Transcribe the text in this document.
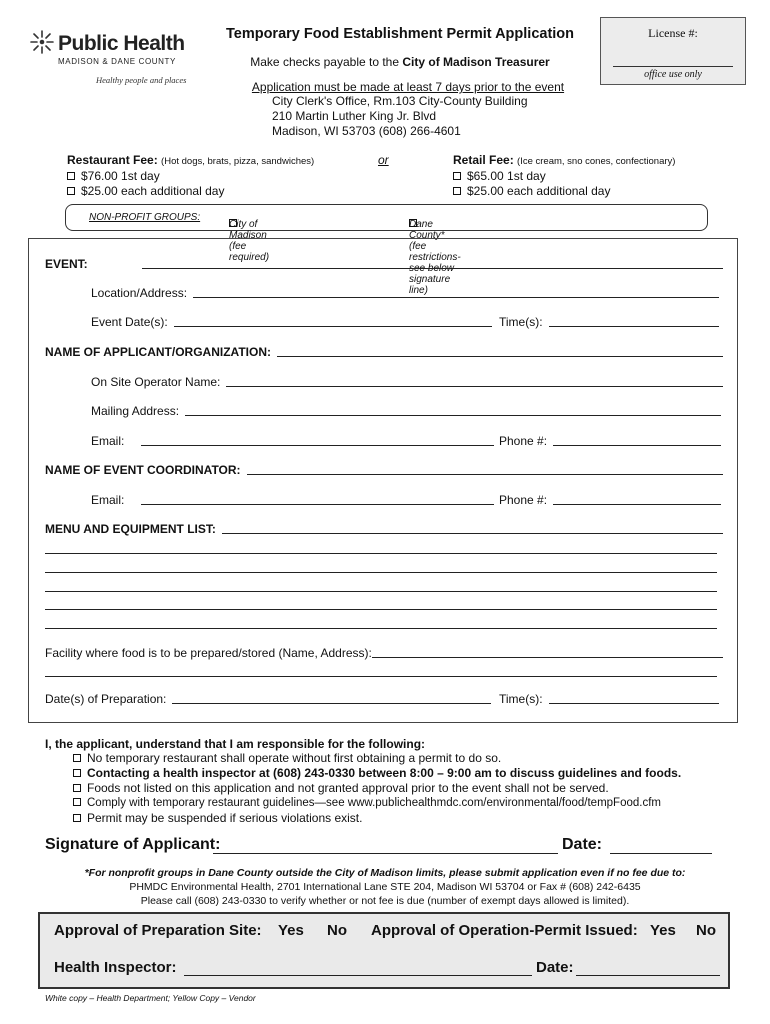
Public Health
MADISON & DANE COUNTY
Healthy people and places
Temporary Food Establishment Permit Application	License #:
office use only
Make checks payable to the City of Madison Treasurer
Application must be made at least 7 days prior to the event
City Clerk's Office, Rm.103 City-County Building
210 Martin Luther King Jr. Blvd
Madison, WI 53703 (608) 266-4601
Restaurant Fee: (Hot dogs, brats, pizza, sandwiches)
$76.00 1st day
$25.00 each additional day
or	Retail Fee: (Ice cream, sno cones, confectionary)
$65.00 1st day
$25.00 each additional day
NON-PROFIT GROUPS:
City of Madison (fee required)
Dane County* (fee restrictions- see below signature line)
EVENT:
Location/Address:
Event Date(s):	Time(s):
NAME OF APPLICANT/ORGANIZATION:
On Site Operator Name:
Mailing Address:
Email:	Phone #:
NAME OF EVENT COORDINATOR:
Email:	Phone #:
MENU AND EQUIPMENT LIST:
Facility where food is to be prepared/stored (Name, Address):
Date(s) of Preparation:	Time(s):
I, the applicant, understand that I am responsible for the following:
No temporary restaurant shall operate without first obtaining a permit to do so.
Contacting a health inspector at (608) 243-0330 between 8:00 – 9:00 am to discuss guidelines and foods.
Foods not listed on this application and not granted approval prior to the event shall not be served.
Comply with temporary restaurant guidelines—see www.publichealthmdc.com/environmental/food/tempFood.cfm
Permit may be suspended if serious violations exist.
Signature of Applicant:	Date:
*For nonprofit groups in Dane County outside the City of Madison limits, please submit application even if no fee due to:
PHMDC Environmental Health, 2701 International Lane STE 204, Madison WI 53704 or Fax # (608) 242-6435
Please call (608) 243-0330 to verify whether or not fee is due (number of exempt days allowed is limited).
Approval of Preparation Site: Yes No Approval of Operation-Permit Issued: Yes No
Health Inspector:	Date:
White copy – Health Department; Yellow Copy – Vendor
